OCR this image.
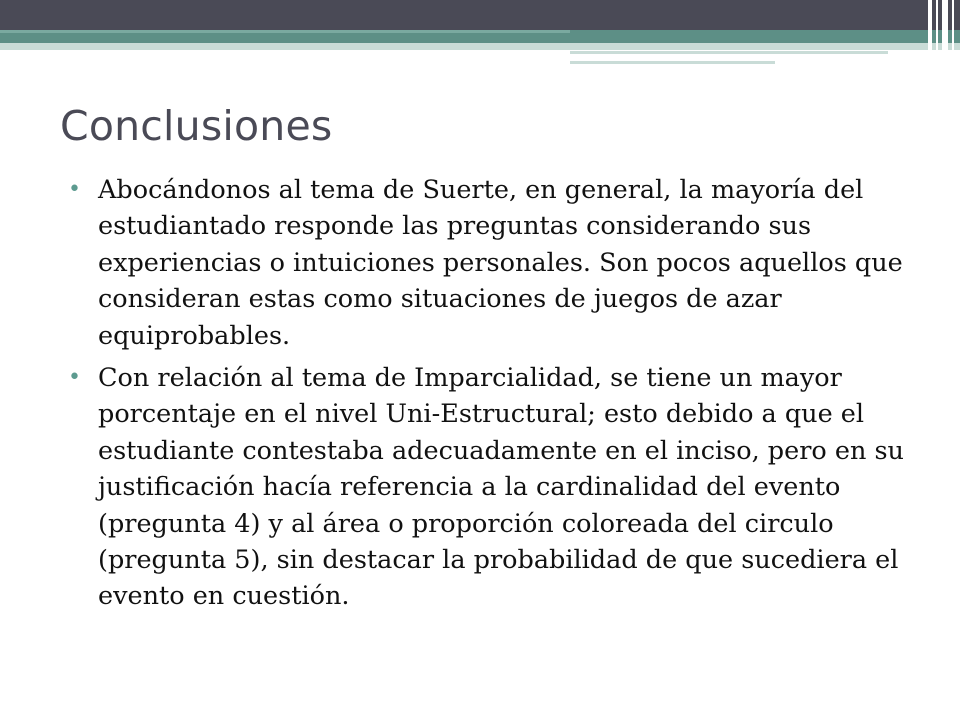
Conclusiones
• Abocándonos al tema de Suerte, en general, la mayoría del estudiantado responde las preguntas considerando sus experiencias o intuiciones personales. Son pocos aquellos que consideran estas como situaciones de juegos de azar equiprobables.
• Con relación al tema de Imparcialidad, se tiene un mayor porcentaje en el nivel Uni-Estructural; esto debido a que el estudiante contestaba adecuadamente en el inciso, pero en su justificación hacía referencia a la cardinalidad del evento (pregunta 4) y al área o proporción coloreada del circulo (pregunta 5), sin destacar la probabilidad de que sucediera el evento en cuestión.
